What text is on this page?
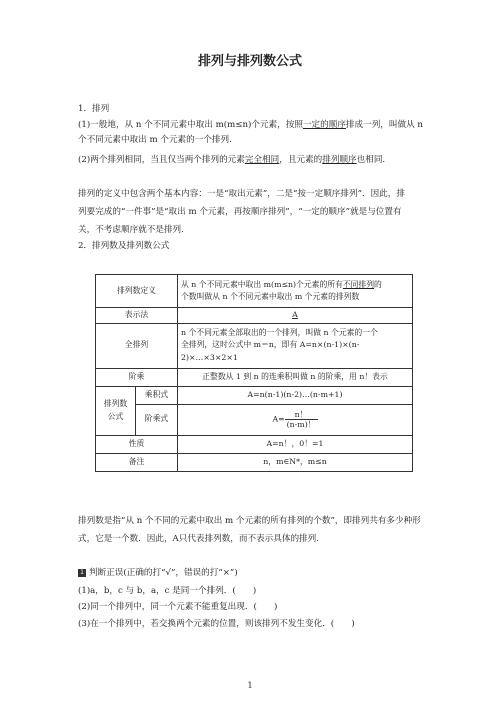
排列与排列数公式
1．排列
(1)一般地，从 n 个不同元素中取出 m(m≤n)个元素，按照一定的顺序排成一列，叫做从 n
个不同元素中取出 m 个元素的一个排列.
(2)两个排列相同，当且仅当两个排列的元素完全相同，且元素的排列顺序也相同.
排列的定义中包含两个基本内容：一是“取出元素”，二是“按一定顺序排列”．因此，排
列要完成的“一件事”是“取出 m 个元素，再按顺序排列”，“一定的顺序”就是与位置有
关，不考虑顺序就不是排列.
2．排列数及排列数公式
排列数定义		从 n 个不同元素中取出 m(m≤n)个元素的所有不同排列的
个数叫做从 n 个不同元素中取出 m 个元素的排列数
表示法		A
全排列		n 个不同元素全部取出的一个排列，叫做 n 个元素的一个
全排列，这时公式中 m＝n，即有 A=n×(n-1)×(n-
2)×…×3×2×1
阶乘		正整数从 1 到 n 的连乘积叫做 n 的阶乘，用 n！表示
排列数
公式	乘积式	A=n(n-1)(n-2)…(n-m+1)
	阶乘式	$A= \frac{n!}{(n-m)!}$

性质		A=n！，0！=1
备注		n，m∈N*，m≤n
排列数是指“从 n 个不同的元素中取出 m 个元素的所有排列的个数”，即排列共有多少种形
式，它是一个数．因此，A只代表排列数，而不表示具体的排列.
1 判断正误(正确的打“√”，错误的打“×”)
(1)a，b，c 与 b，a，c 是同一个排列．(　　)
(2)同一个排列中，同一个元素不能重复出现．(　　)
(3)在一个排列中，若交换两个元素的位置，则该排列不发生变化．(　　)
1
